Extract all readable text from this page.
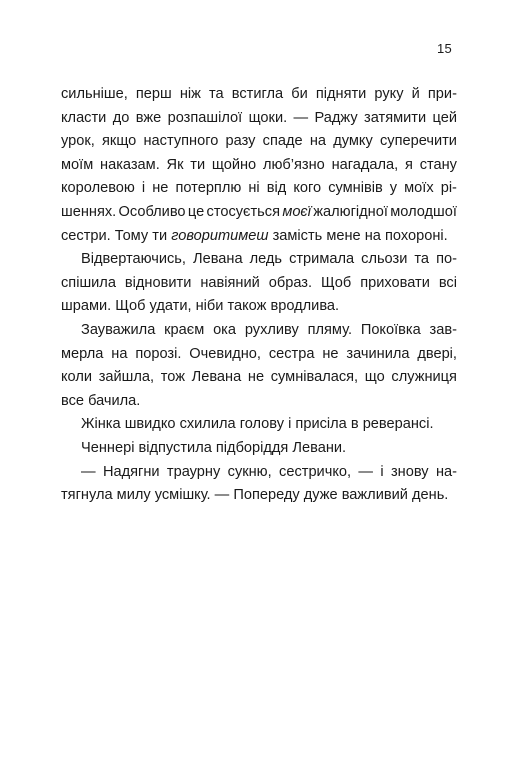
15
сильніше, перш ніж та встигла би підняти руку й при-
класти до вже розпашілої щоки. — Раджу затямити цей
урок, якщо наступного разу спаде на думку суперечити
моїм наказам. Як ти щойно люб’язно нагадала, я стану
королевою і не потерплю ні від кого сумнівів у моїх рі-
шеннях. Особливо це стосується моєї жалюгідної молодшої
сестри. Тому ти говоритимеш замість мене на похороні.
Відвертаючись, Левана ледь стримала сльози та по-
спішила відновити навіяний образ. Щоб приховати всі
шрами. Щоб удати, ніби також вродлива.
Зауважила краєм ока рухливу пляму. Покоївка зав-
мерла на порозі. Очевидно, сестра не зачинила двері,
коли зайшла, тож Левана не сумнівалася, що служниця
все бачила.
Жінка швидко схилила голову і присіла в реверансі.
Ченнері відпустила підборіддя Левани.
— Надягни траурну сукню, сестричко, — і знову на-
тягнула милу усмішку. — Попереду дуже важливий день.
